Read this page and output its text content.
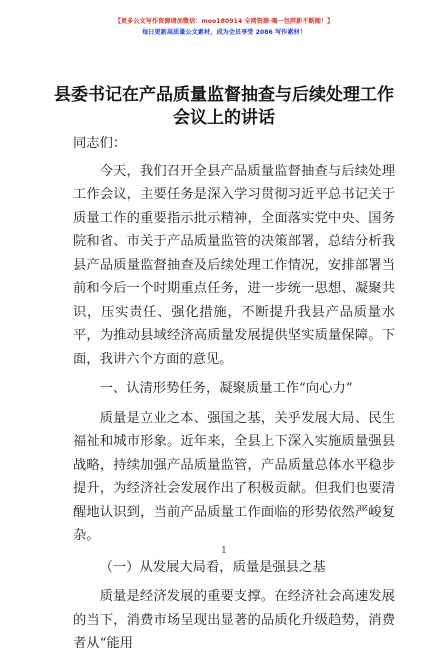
【更多公文写作资源请加微信：moo180914 全网资源·喝一包胖新不断随！】
每日更新高质量公文素材，成为会员享受 2086 写作素材！
县委书记在产品质量监督抽查与后续处理工作
会议上的讲话

同志们：

今天，我们召开全县产品质量监督抽查与后续处理工作会议，主要任务是深入学习贯彻习近平总书记关于质量工作的重要指示批示精神，全面落实党中央、国务院和省、市关于产品质量监管的决策部署，总结分析我县产品质量监督抽查及后续处理工作情况，安排部署当前和今后一个时期重点任务，进一步统一思想、凝聚共识，压实责任、强化措施，不断提升我县产品质量水平，为推动县域经济高质量发展提供坚实质量保障。下面，我讲六个方面的意见。

一、认清形势任务，凝聚质量工作“向心力”

质量是立业之本、强国之基，关乎发展大局、民生福祉和城市形象。近年来，全县上下深入实施质量强县战略，持续加强产品质量监管，产品质量总体水平稳步提升，为经济社会发展作出了积极贡献。但我们也要清醒地认识到，当前产品质量工作面临的形势依然严峻复杂。

（一）从发展大局看，质量是强县之基

质量是经济发展的重要支撑。在经济社会高速发展的当下，消费市场呈现出显著的品质化升级趋势，消费者从“能用

1
